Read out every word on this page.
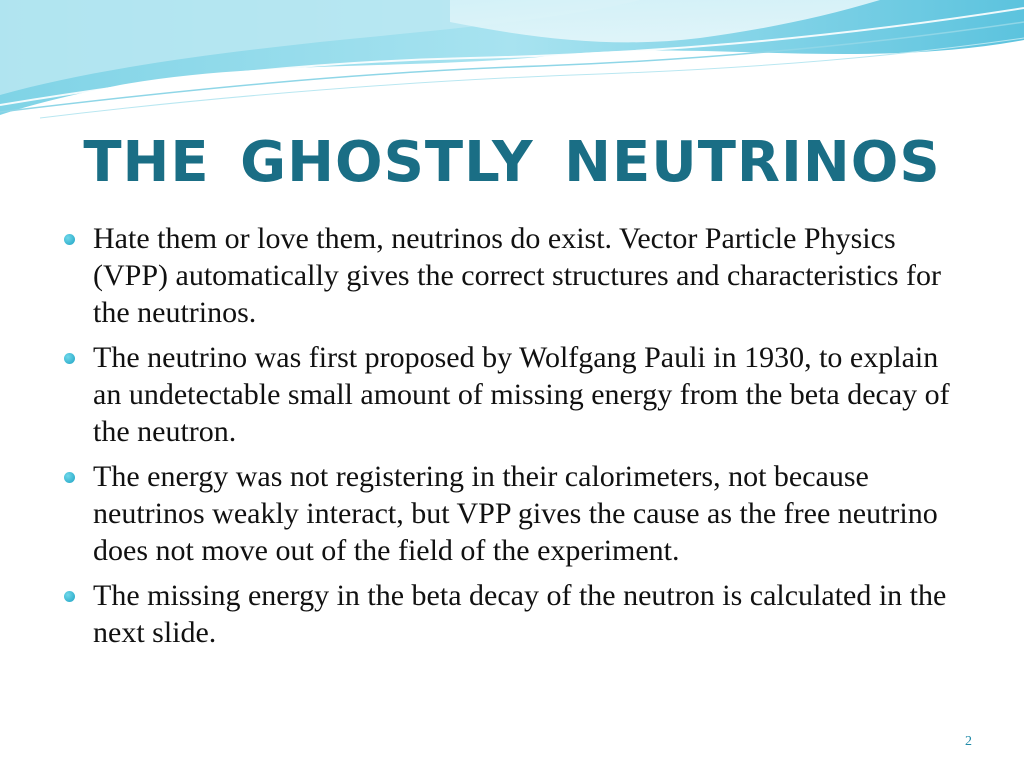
THE GHOSTLY NEUTRINOS
Hate them or love them, neutrinos do exist. Vector Particle Physics (VPP) automatically gives the correct structures and characteristics for the neutrinos.
The neutrino was first proposed by Wolfgang Pauli in 1930, to explain an undetectable small amount of missing energy from the beta decay of the neutron.
The energy was not registering in their calorimeters, not because neutrinos weakly interact, but VPP gives the cause as the free neutrino does not move out of the field of the experiment.
The missing energy in the beta decay of the neutron is calculated in the next slide.
2
